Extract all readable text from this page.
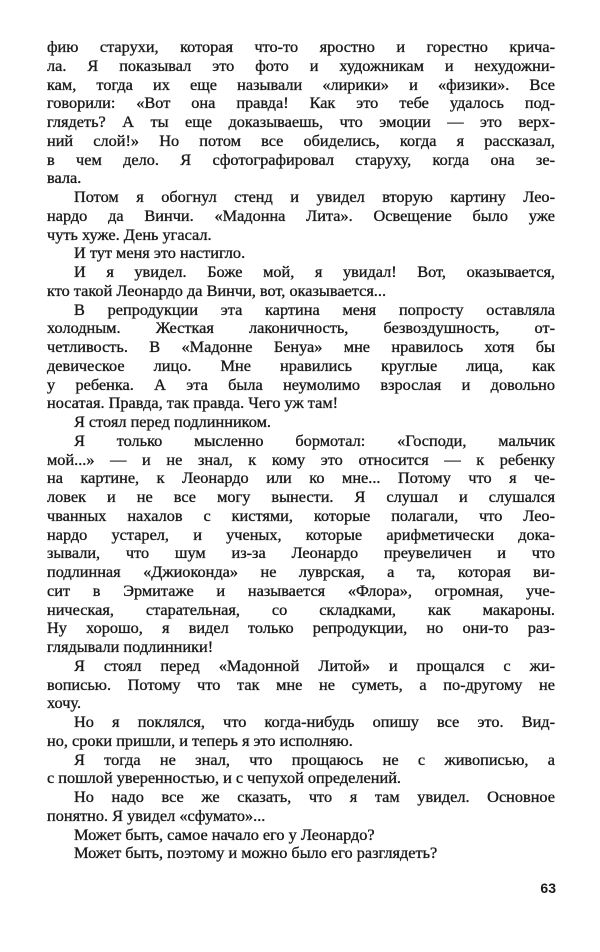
фию старухи, которая что-то яростно и горестно крича-
ла. Я показывал это фото и художникам и нехудожни-
кам, тогда их еще называли «лирики» и «физики». Все
говорили: «Вот она правда! Как это тебе удалось под-
глядеть? А ты еще доказываешь, что эмоции — это верх-
ний слой!» Но потом все обиделись, когда я рассказал,
в чем дело. Я сфотографировал старуху, когда она зе-
вала.
Потом я обогнул стенд и увидел вторую картину Лео-
нардо да Винчи. «Мадонна Лита». Освещение было уже
чуть хуже. День угасал.
И тут меня это настигло.
И я увидел. Боже мой, я увидал! Вот, оказывается,
кто такой Леонардо да Винчи, вот, оказывается...
В репродукции эта картина меня попросту оставляла
холодным. Жесткая лаконичность, безвоздушность, от-
четливость. В «Мадонне Бенуа» мне нравилось хотя бы
девическое лицо. Мне нравились круглые лица, как
у ребенка. А эта была неумолимо взрослая и довольно
носатая. Правда, так правда. Чего уж там!
Я стоял перед подлинником.
Я только мысленно бормотал: «Господи, мальчик
мой...» — и не знал, к кому это относится — к ребенку
на картине, к Леонардо или ко мне... Потому что я че-
ловек и не все могу вынести. Я слушал и слушался
чванных нахалов с кистями, которые полагали, что Лео-
нардо устарел, и ученых, которые арифметически дока-
зывали, что шум из-за Леонардо преувеличен и что
подлинная «Джиоконда» не луврская, а та, которая ви-
сит в Эрмитаже и называется «Флора», огромная, уче-
ническая, старательная, со складками, как макароны.
Ну хорошо, я видел только репродукции, но они-то раз-
глядывали подлинники!
Я стоял перед «Мадонной Литой» и прощался с жи-
вописью. Потому что так мне не суметь, а по-другому не
хочу.
Но я поклялся, что когда-нибудь опишу все это. Вид-
но, сроки пришли, и теперь я это исполняю.
Я тогда не знал, что прощаюсь не с живописью, а
с пошлой уверенностью, и с чепухой определений.
Но надо все же сказать, что я там увидел. Основное
понятно. Я увидел «сфумато»...
Может быть, самое начало его у Леонардо?
Может быть, поэтому и можно было его разглядеть?
63
